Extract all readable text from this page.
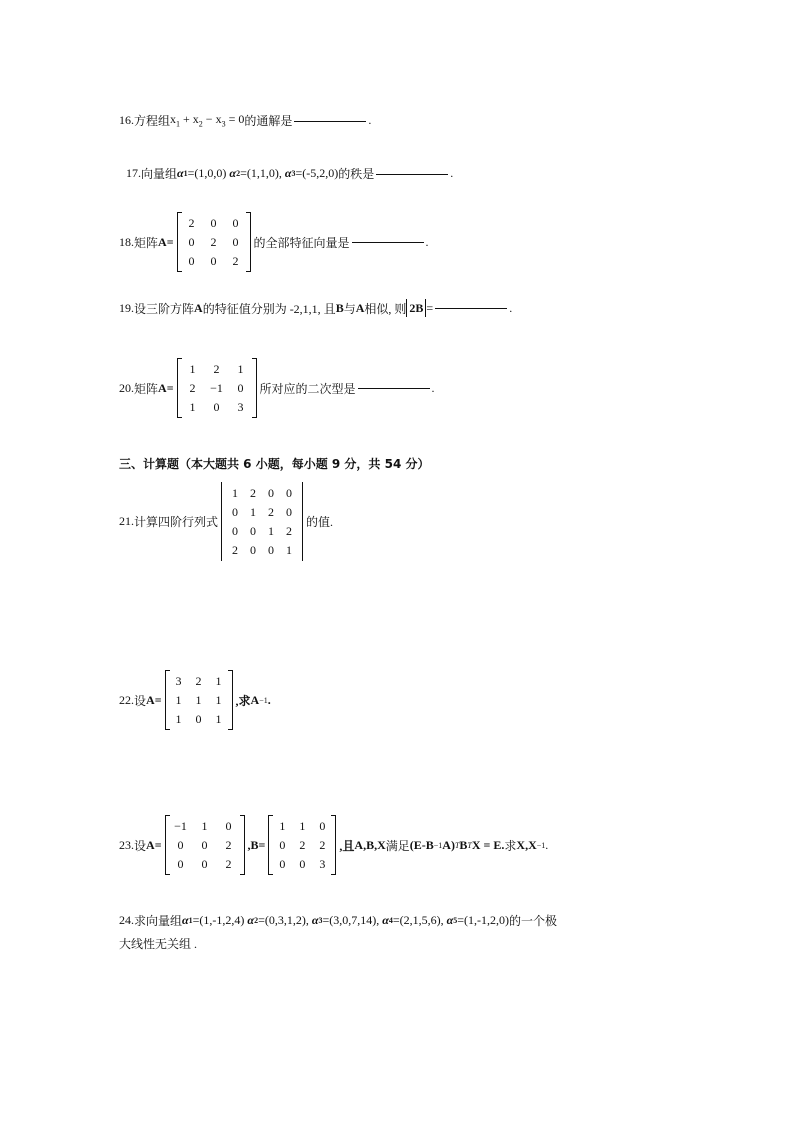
16. 方程组 $x_1 + x_2 - x_3 = 0$ 的通解是	.
17. 向量组 α 1 =(1,0,0)
α 2 =(1,1,0),
α 3 =(-5,2,0) 的秩是	.
18. 矩阵 A =
2	0	0
0	2	0
0	0	2
的全部特征向量是	.
19. 设三阶方阵 A 的特征值分别为 -2,1,1, 且 B 与 A 相似, 则 2B =	.
20. 矩阵 A =
1	2	1
2	−1	0
1	0	3
所对应的二次型是	.
三、计算题（本大题共 6 小题，每小题 9 分，共 54 分）
21. 计算四阶行列式
1 2 0 0
0 1 2 0
0 0 1 2
2 0 0 1
的值.
22. 设 A =
3 2 1
1 1 1
1 0 1
,求 A −1 .
23. 设 A =
−1	1	0
0	0	2
0	0	2
,B =
1 1 0
0 2 2
0 0 3
,且 A,B,X 满足 (E-B −1 A) T B T X = E. 求 X,X −1 .
24. 求向量组 α 1 =(1,-1,2,4)
α 2 =(0,3,1,2),
α 3 =(3,0,7,14),
α 4 =(2,1,5,6),
α 5 =(1,-1,2,0) 的一个极
大线性无关组 .
